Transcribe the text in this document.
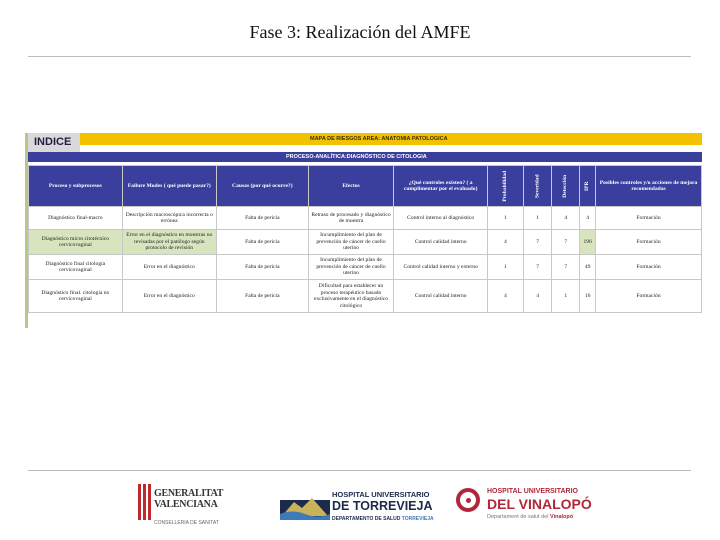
Fase 3: Realización del AMFE
INDICE	MAPA DE RIESGOS AREA: ANATOMIA PATOLOGICA
PROCESO-ANALÍTICA:DIAGNÓSTICO DE CITOLOGIA
Proceso y subprocesos	Failure Modes ( qué puede pasar?)	Causas (por qué ocurre?)	Efectos	¿Qué controles existen? ( a cumplimentar por el evaluado)	Probabilidad	Severidad	Detección	IPR	Posibles controles y/o acciones de mejora recomendadas
Diagnóstico final-macro	Descripción macroscópica incorrecta o errónea	Falta de pericia	Retraso de procesado y diagnóstico de muestra	Control interno al diagnóstico	1	1	4	4	Formación
Diagnóstico micro citotécnico cervicovaginal	Error en el diagnóstico en muestras no revisadas por el patólogo según protocolo de revisión	Falta de pericia	Incumplimiento del plan de prevención de cáncer de cuello uterino	Control calidad interno	4	7	7	196	Formación
Diagnóstico final citología cervicovaginal	Error en el diagnóstico	Falta de pericia	Incumplimiento del plan de prevención de cáncer de cuello uterino	Control calidad interno y externo	1	7	7	49	Formación
Diagnóstico final. citología no cervicovaginal	Error en el diagnóstico	Falta de pericia	Dificultad para establecer un proceso terapéutico basado exclusivamente en el diagnóstico citológico	Control calidad interno	4	4	1	16	Formación
GENERALITAT
VALENCIANA
CONSELLERIA DE SANITAT
HOSPITAL UNIVERSITARIO
DE TORREVIEJA
DEPARTAMENTO DE SALUD TORREVIEJA
HOSPITAL UNIVERSITARIO
DEL VINALOPÓ
Departament de salut del Vinalopó
